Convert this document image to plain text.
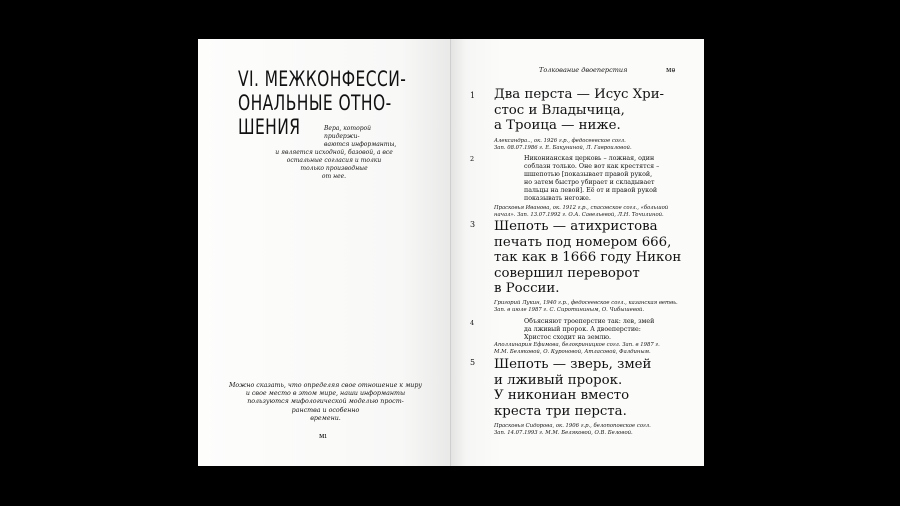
VI. МЕЖКОНФЕССИ-
ОНАЛЬНЫЕ ОТНО-
ШЕНИЯ	Вера, которой придержи-
ваются информанты,
и является исходной, базовой, а все
остальные согласия и толки
только производные
от нее.
Можно сказать, что определяя свое отношение к миру
и свое место в этом мире, наши информанты
пользуются мифологической моделью прост-
ранства и особенно
времени.
мı
Толкование двоеперстия	мѳ
1 Два перста — Исус Хри-
стос и Владычица,
а Троица — ниже.
Александра.., ок. 1926 г.р., федосеевское согл.
Зап. 08.07.1986 г. Е. Бакуниной, Л. Гавроиловой.
2	Никонианская церковь – ложная, один
соблазн только. Оне вот как крестятся –
шшепотью [показывает правой рукой,
но затем быстро убирает и складывает
пальцы на левой]. Её от и правой рукой
показывать негоже.
Прасковья Иванова, ок. 1912 г.р., спасовское согл., «большой
начал». Зап. 13.07.1992 г. О.А. Савельевой, Л.Н. Точилиной.
3 Шепоть — атихристова
печать под номером 666,
так как в 1666 году Никон
совершил переворот
в России.
Григорий Лукин, 1940 г.р., федосеевское согл., казанская ветвь.
Зап. в июле 1987 г. С. Сиротининым, О. Чибышевой.
4	Объясняют троеперстие так: лев, змей
да лживый пророк. А двоеперстие:
Христос сходит на землю.
Аполлинария Ефимова, белокриницкое согл. Зап. в 1987 г.
М.М. Беляковой, О. Куроновой, Атласовой, Фалдиным.
5 Шепоть — зверь, змей
и лживый пророк.
У никониан вместо
креста три перста.
Прасковья Сидорова, ок. 1906 г.р., белопоповское согл.
Зап. 14.07.1993 г. М.М. Беляковой, О.В. Беловой.
